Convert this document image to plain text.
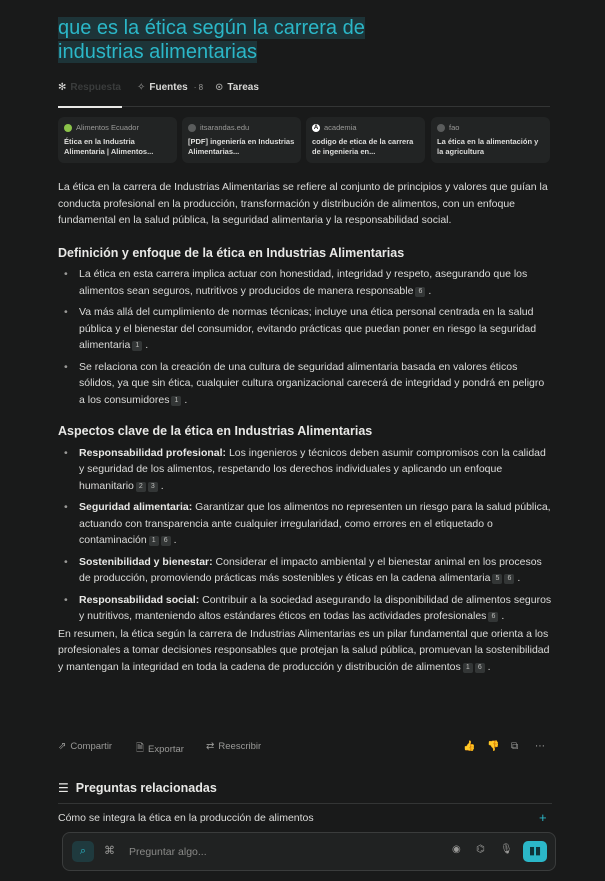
que es la ética según la carrera de industrias alimentarias
✻ Respuesta ✧ Fuentes · 8 ⊙ Tareas
Alimentos Ecuador
Ética en la Industria Alimentaria | Alimentos...
itsarandas.edu
[PDF] ingeniería en Industrias Alimentarias...
A academia
codigo de etica de la carrera de ingenieria en...
fao
La ética en la alimentación y la agricultura

La ética en la carrera de Industrias Alimentarias se refiere al conjunto de principios y valores que guían la conducta profesional en la producción, transformación y distribución de alimentos, con un enfoque fundamental en la salud pública, la seguridad alimentaria y la responsabilidad social.

Definición y enfoque de la ética en Industrias Alimentarias
• La ética en esta carrera implica actuar con honestidad, integridad y respeto, asegurando que los alimentos sean seguros, nutritivos y producidos de manera responsable 6 .
• Va más allá del cumplimiento de normas técnicas; incluye una ética personal centrada en la salud pública y el bienestar del consumidor, evitando prácticas que puedan poner en riesgo la seguridad alimentaria 1 .
• Se relaciona con la creación de una cultura de seguridad alimentaria basada en valores éticos sólidos, ya que sin ética, cualquier cultura organizacional carecerá de integridad y pondrá en peligro a los consumidores 1 .
Aspectos clave de la ética en Industrias Alimentarias
• Responsabilidad profesional: Los ingenieros y técnicos deben asumir compromisos con la calidad y seguridad de los alimentos, respetando los derechos individuales y aplicando un enfoque humanitario 2 3 .
• Seguridad alimentaria: Garantizar que los alimentos no representen un riesgo para la salud pública, actuando con transparencia ante cualquier irregularidad, como errores en el etiquetado o contaminación 1 6 .
• Sostenibilidad y bienestar: Considerar el impacto ambiental y el bienestar animal en los procesos de producción, promoviendo prácticas más sostenibles y éticas en la cadena alimentaria 5 6 .
• Responsabilidad social: Contribuir a la sociedad asegurando la disponibilidad de alimentos seguros y nutritivos, manteniendo altos estándares éticos en todas las actividades profesionales 6 .

En resumen, la ética según la carrera de Industrias Alimentarias es un pilar fundamental que orienta a los profesionales a tomar decisiones responsables que protejan la salud pública, promuevan la sostenibilidad y mantengan la integridad en toda la cadena de producción y distribución de alimentos 1 6 .

⇗ Compartir 🗎 Exportar ⇄ Reescribir	👍 👎 ⧉ ⋯
☰ Preguntas relacionadas
Cómo se integra la ética en la producción de alimentos	+
⌕	⌘
Preguntar algo...	◉ ⌬ 🎙	▮▮
